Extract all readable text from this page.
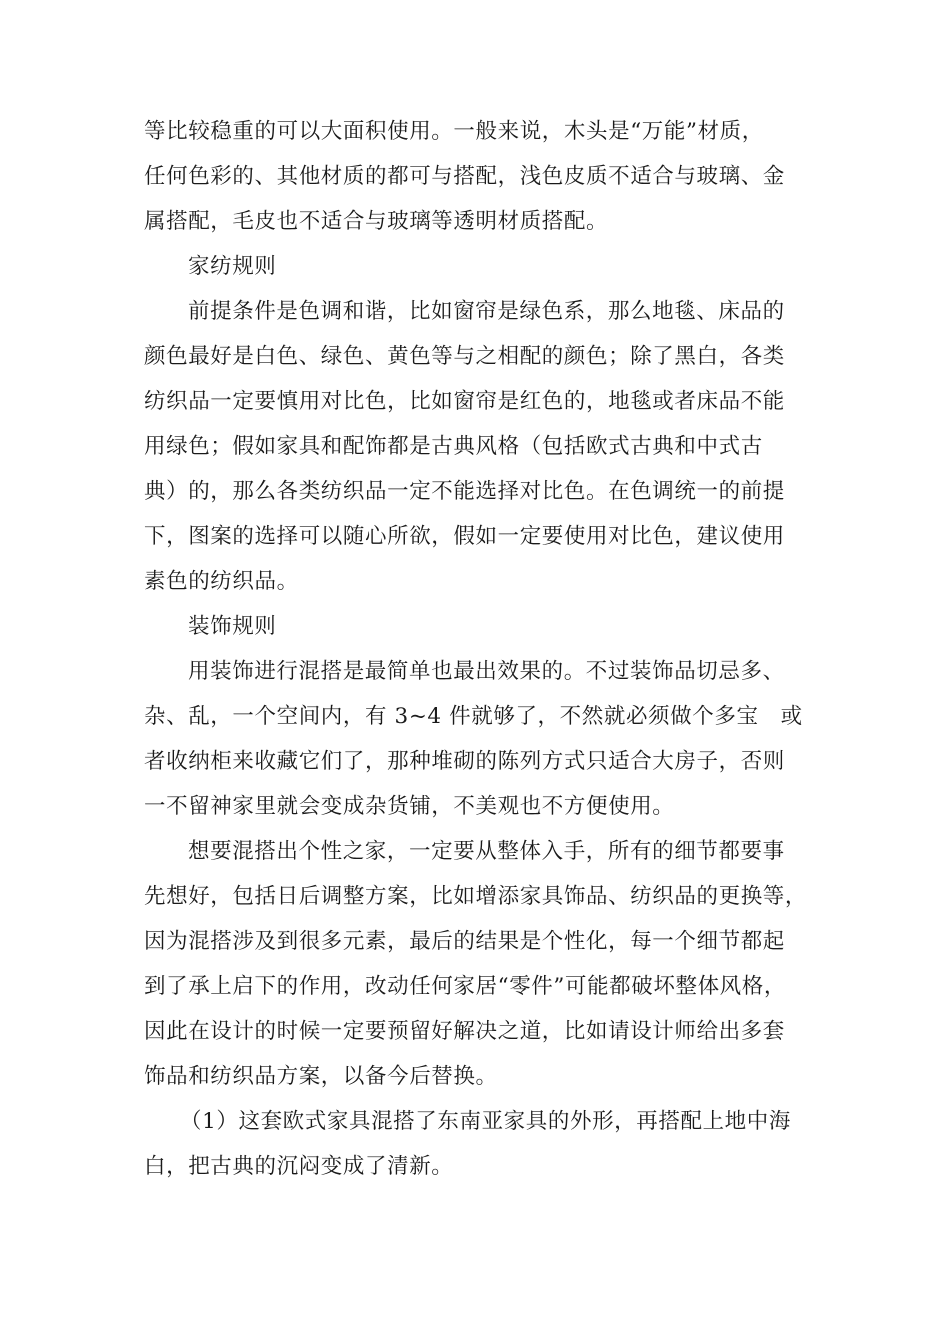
等比较稳重的可以大面积使用。一般来说，木头是“万能”材质，
任何色彩的、其他材质的都可与搭配，浅色皮质不适合与玻璃、金
属搭配，毛皮也不适合与玻璃等透明材质搭配。
家纺规则
前提条件是色调和谐，比如窗帘是绿色系，那么地毯、床品的
颜色最好是白色、绿色、黄色等与之相配的颜色；除了黑白，各类
纺织品一定要慎用对比色，比如窗帘是红色的，地毯或者床品不能
用绿色；假如家具和配饰都是古典风格（包括欧式古典和中式古
典）的，那么各类纺织品一定不能选择对比色。在色调统一的前提
下，图案的选择可以随心所欲，假如一定要使用对比色，建议使用
素色的纺织品。
装饰规则
用装饰进行混搭是最简单也最出效果的。不过装饰品切忌多、
杂、乱，一个空间内，有 3~4 件就够了，不然就必须做个多宝　或
者收纳柜来收藏它们了，那种堆砌的陈列方式只适合大房子，否则
一不留神家里就会变成杂货铺，不美观也不方便使用。
想要混搭出个性之家，一定要从整体入手，所有的细节都要事
先想好，包括日后调整方案，比如增添家具饰品、纺织品的更换等，
因为混搭涉及到很多元素，最后的结果是个性化，每一个细节都起
到了承上启下的作用，改动任何家居“零件”可能都破坏整体风格，
因此在设计的时候一定要预留好解决之道，比如请设计师给出多套
饰品和纺织品方案，以备今后替换。
（1）这套欧式家具混搭了东南亚家具的外形，再搭配上地中海
白，把古典的沉闷变成了清新。
